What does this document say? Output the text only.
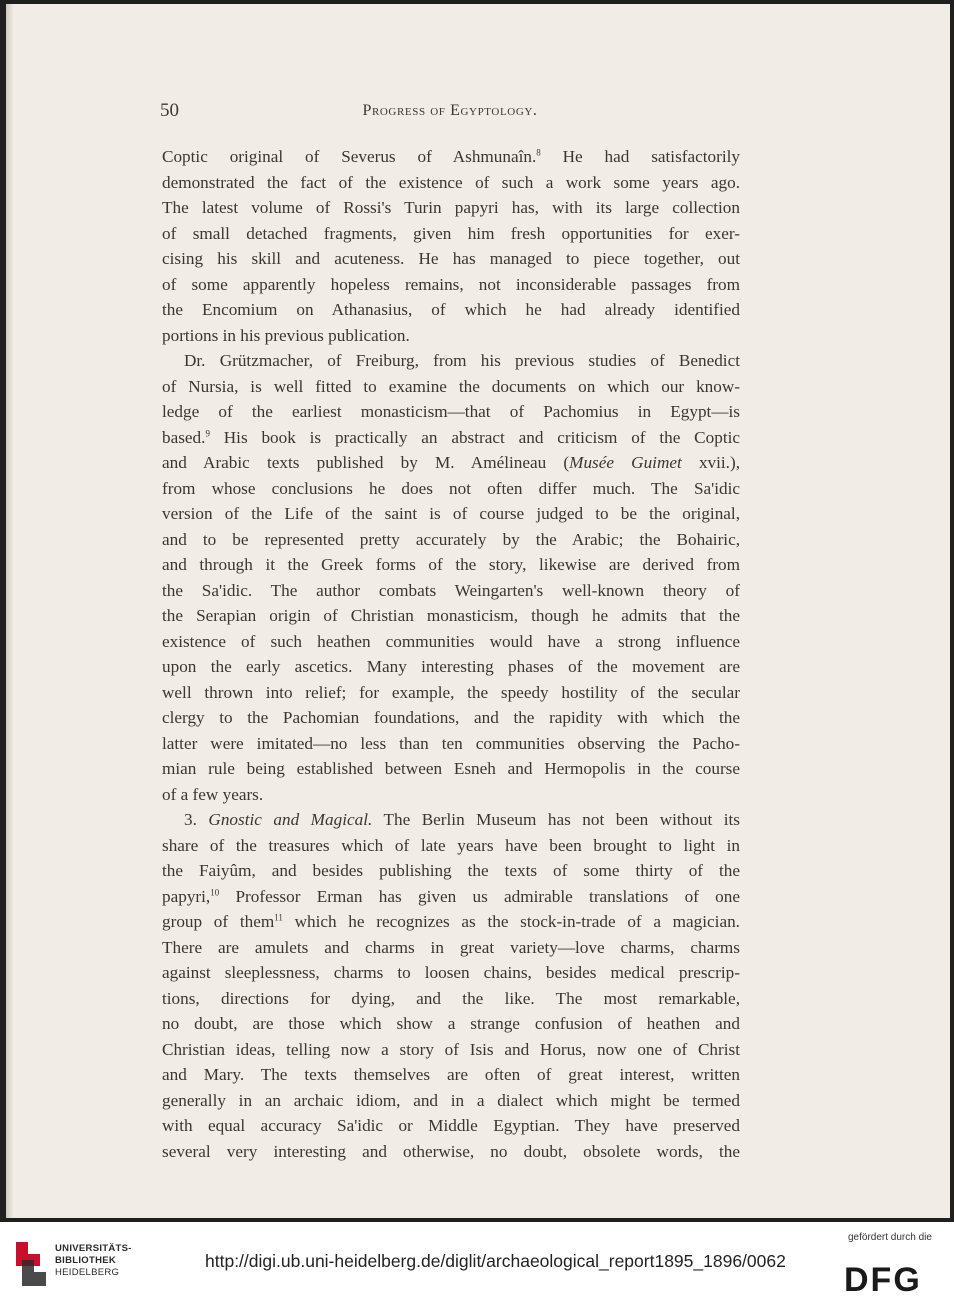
50	Progress of Egyptology.
Coptic original of Severus of Ashmunaîn.$^8$ He had satisfactorily
demonstrated the fact of the existence of such a work some years ago.
The latest volume of Rossi's Turin papyri has, with its large collection
of small detached fragments, given him fresh opportunities for exer-
cising his skill and acuteness. He has managed to piece together, out
of some apparently hopeless remains, not inconsiderable passages from
the Encomium on Athanasius, of which he had already identified
portions in his previous publication.
Dr. Grützmacher, of Freiburg, from his previous studies of Benedict
of Nursia, is well fitted to examine the documents on which our know-
ledge of the earliest monasticism—that of Pachomius in Egypt—is
based.$^9$ His book is practically an abstract and criticism of the Coptic
and Arabic texts published by M. Amélineau (Musée Guimet xvii.),
from whose conclusions he does not often differ much. The Sa'idic
version of the Life of the saint is of course judged to be the original,
and to be represented pretty accurately by the Arabic; the Bohairic,
and through it the Greek forms of the story, likewise are derived from
the Sa'idic. The author combats Weingarten's well-known theory of
the Serapian origin of Christian monasticism, though he admits that the
existence of such heathen communities would have a strong influence
upon the early ascetics. Many interesting phases of the movement are
well thrown into relief; for example, the speedy hostility of the secular
clergy to the Pachomian foundations, and the rapidity with which the
latter were imitated—no less than ten communities observing the Pacho-
mian rule being established between Esneh and Hermopolis in the course
of a few years.
3. Gnostic and Magical. The Berlin Museum has not been without its
share of the treasures which of late years have been brought to light in
the Faiyûm, and besides publishing the texts of some thirty of the
papyri,$^{10}$ Professor Erman has given us admirable translations of one
group of them$^{11}$ which he recognizes as the stock-in-trade of a magician.
There are amulets and charms in great variety—love charms, charms
against sleeplessness, charms to loosen chains, besides medical prescrip-
tions, directions for dying, and the like. The most remarkable,
no doubt, are those which show a strange confusion of heathen and
Christian ideas, telling now a story of Isis and Horus, now one of Christ
and Mary. The texts themselves are often of great interest, written
generally in an archaic idiom, and in a dialect which might be termed
with equal accuracy Sa'idic or Middle Egyptian. They have preserved
several very interesting and otherwise, no doubt, obsolete words, the
UNIVERSITÄTS-
BIBLIOTHEK
HEIDELBERG
http://digi.ub.uni-heidelberg.de/diglit/archaeological_report1895_1896/0062
gefördert durch die
DFG
